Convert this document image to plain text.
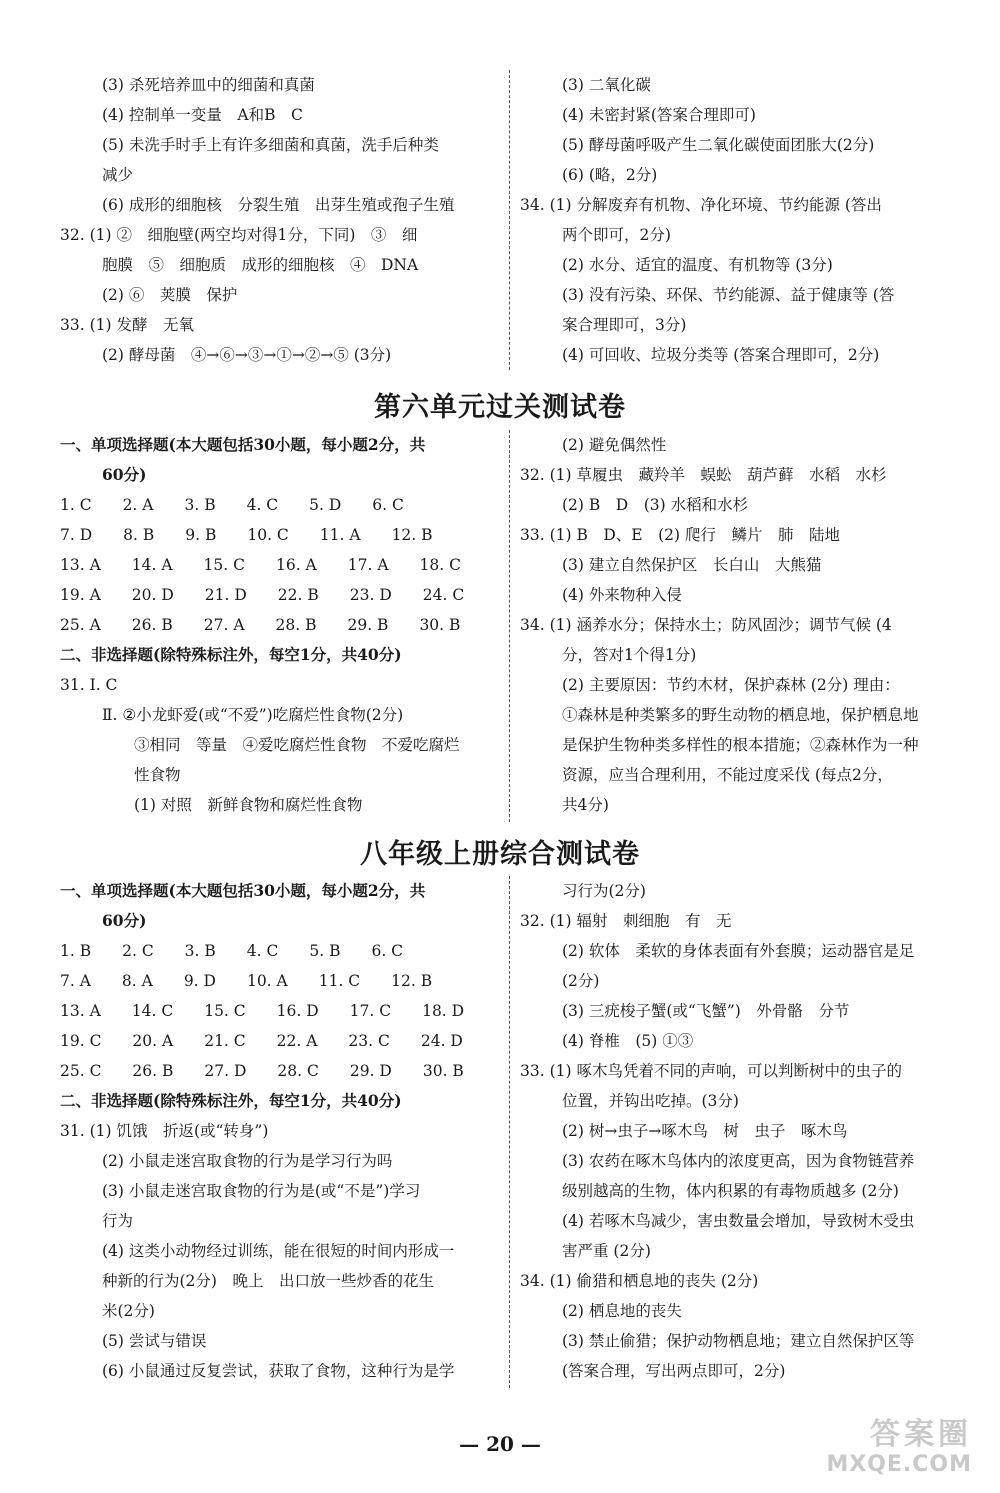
(3) 杀死培养皿中的细菌和真菌
(4) 控制单一变量　A和B　C
(5) 未洗手时手上有许多细菌和真菌，洗手后种类
减少
(6) 成形的细胞核　分裂生殖　出芽生殖或孢子生殖
32. (1) ②　细胞壁(两空均对得1分，下同)　③　细
胞膜　⑤　细胞质　成形的细胞核　④　DNA
(2) ⑥　荚膜　保护
33. (1) 发酵　无氧
(2) 酵母菌　④→⑥→③→①→②→⑤ (3分)
(3) 二氧化碳
(4) 未密封紧(答案合理即可)
(5) 酵母菌呼吸产生二氧化碳使面团胀大(2分)
(6) (略，2分)
34. (1) 分解废弃有机物、净化环境、节约能源 (答出
两个即可，2分)
(2) 水分、适宜的温度、有机物等 (3分)
(3) 没有污染、环保、节约能源、益于健康等 (答
案合理即可，3分)
(4) 可回收、垃圾分类等 (答案合理即可，2分)
第六单元过关测试卷
一、单项选择题(本大题包括30小题，每小题2分，共
60分)
1. C　　2. A　　3. B　　4. C　　5. D　　6. C
7. D　　8. B　　9. B　　10. C　　11. A　　12. B
13. A　　14. A　　15. C　　16. A　　17. A　　18. C
19. A　　20. D　　21. D　　22. B　　23. D　　24. C
25. A　　26. B　　27. A　　28. B　　29. B　　30. B
二、非选择题(除特殊标注外，每空1分，共40分)
31. Ⅰ. C
Ⅱ. ②小龙虾爱(或“不爱”)吃腐烂性食物(2分)
③相同　等量　④爱吃腐烂性食物　不爱吃腐烂
性食物
(1) 对照　新鲜食物和腐烂性食物
(2) 避免偶然性
32. (1) 草履虫　藏羚羊　蜈蚣　葫芦藓　水稻　水杉
(2) B　D　(3) 水稻和水杉
33. (1) B　D、E　(2) 爬行　鳞片　肺　陆地
(3) 建立自然保护区　长白山　大熊猫
(4) 外来物种入侵
34. (1) 涵养水分；保持水土；防风固沙；调节气候 (4
分，答对1个得1分)
(2) 主要原因：节约木材，保护森林 (2分) 理由：
①森林是种类繁多的野生动物的栖息地，保护栖息地
是保护生物种类多样性的根本措施；②森林作为一种
资源，应当合理利用，不能过度采伐 (每点2分，
共4分)
八年级上册综合测试卷
一、单项选择题(本大题包括30小题，每小题2分，共
60分)
1. B　　2. C　　3. B　　4. C　　5. B　　6. C
7. A　　8. A　　9. D　　10. A　　11. C　　12. B
13. A　　14. C　　15. C　　16. D　　17. C　　18. D
19. C　　20. A　　21. C　　22. A　　23. C　　24. D
25. C　　26. B　　27. D　　28. C　　29. D　　30. B
二、非选择题(除特殊标注外，每空1分，共40分)
31. (1) 饥饿　折返(或“转身”)
(2) 小鼠走迷宫取食物的行为是学习行为吗
(3) 小鼠走迷宫取食物的行为是(或“不是”)学习
行为
(4) 这类小动物经过训练，能在很短的时间内形成一
种新的行为(2分)　晚上　出口放一些炒香的花生
米(2分)
(5) 尝试与错误
(6) 小鼠通过反复尝试，获取了食物，这种行为是学
习行为(2分)
32. (1) 辐射　刺细胞　有　无
(2) 软体　柔软的身体表面有外套膜；运动器官是足
(2分)
(3) 三疣梭子蟹(或“飞蟹”)　外骨骼　分节
(4) 脊椎　(5) ①③
33. (1) 啄木鸟凭着不同的声响，可以判断树中的虫子的
位置，并钩出吃掉。(3分)
(2) 树→虫子→啄木鸟　树　虫子　啄木鸟
(3) 农药在啄木鸟体内的浓度更高，因为食物链营养
级别越高的生物，体内积累的有毒物质越多 (2分)
(4) 若啄木鸟减少，害虫数量会增加，导致树木受虫
害严重 (2分)
34. (1) 偷猎和栖息地的丧失 (2分)
(2) 栖息地的丧失
(3) 禁止偷猎；保护动物栖息地；建立自然保护区等
(答案合理，写出两点即可，2分)
— 20 —	答案圈
MXQE.COM
